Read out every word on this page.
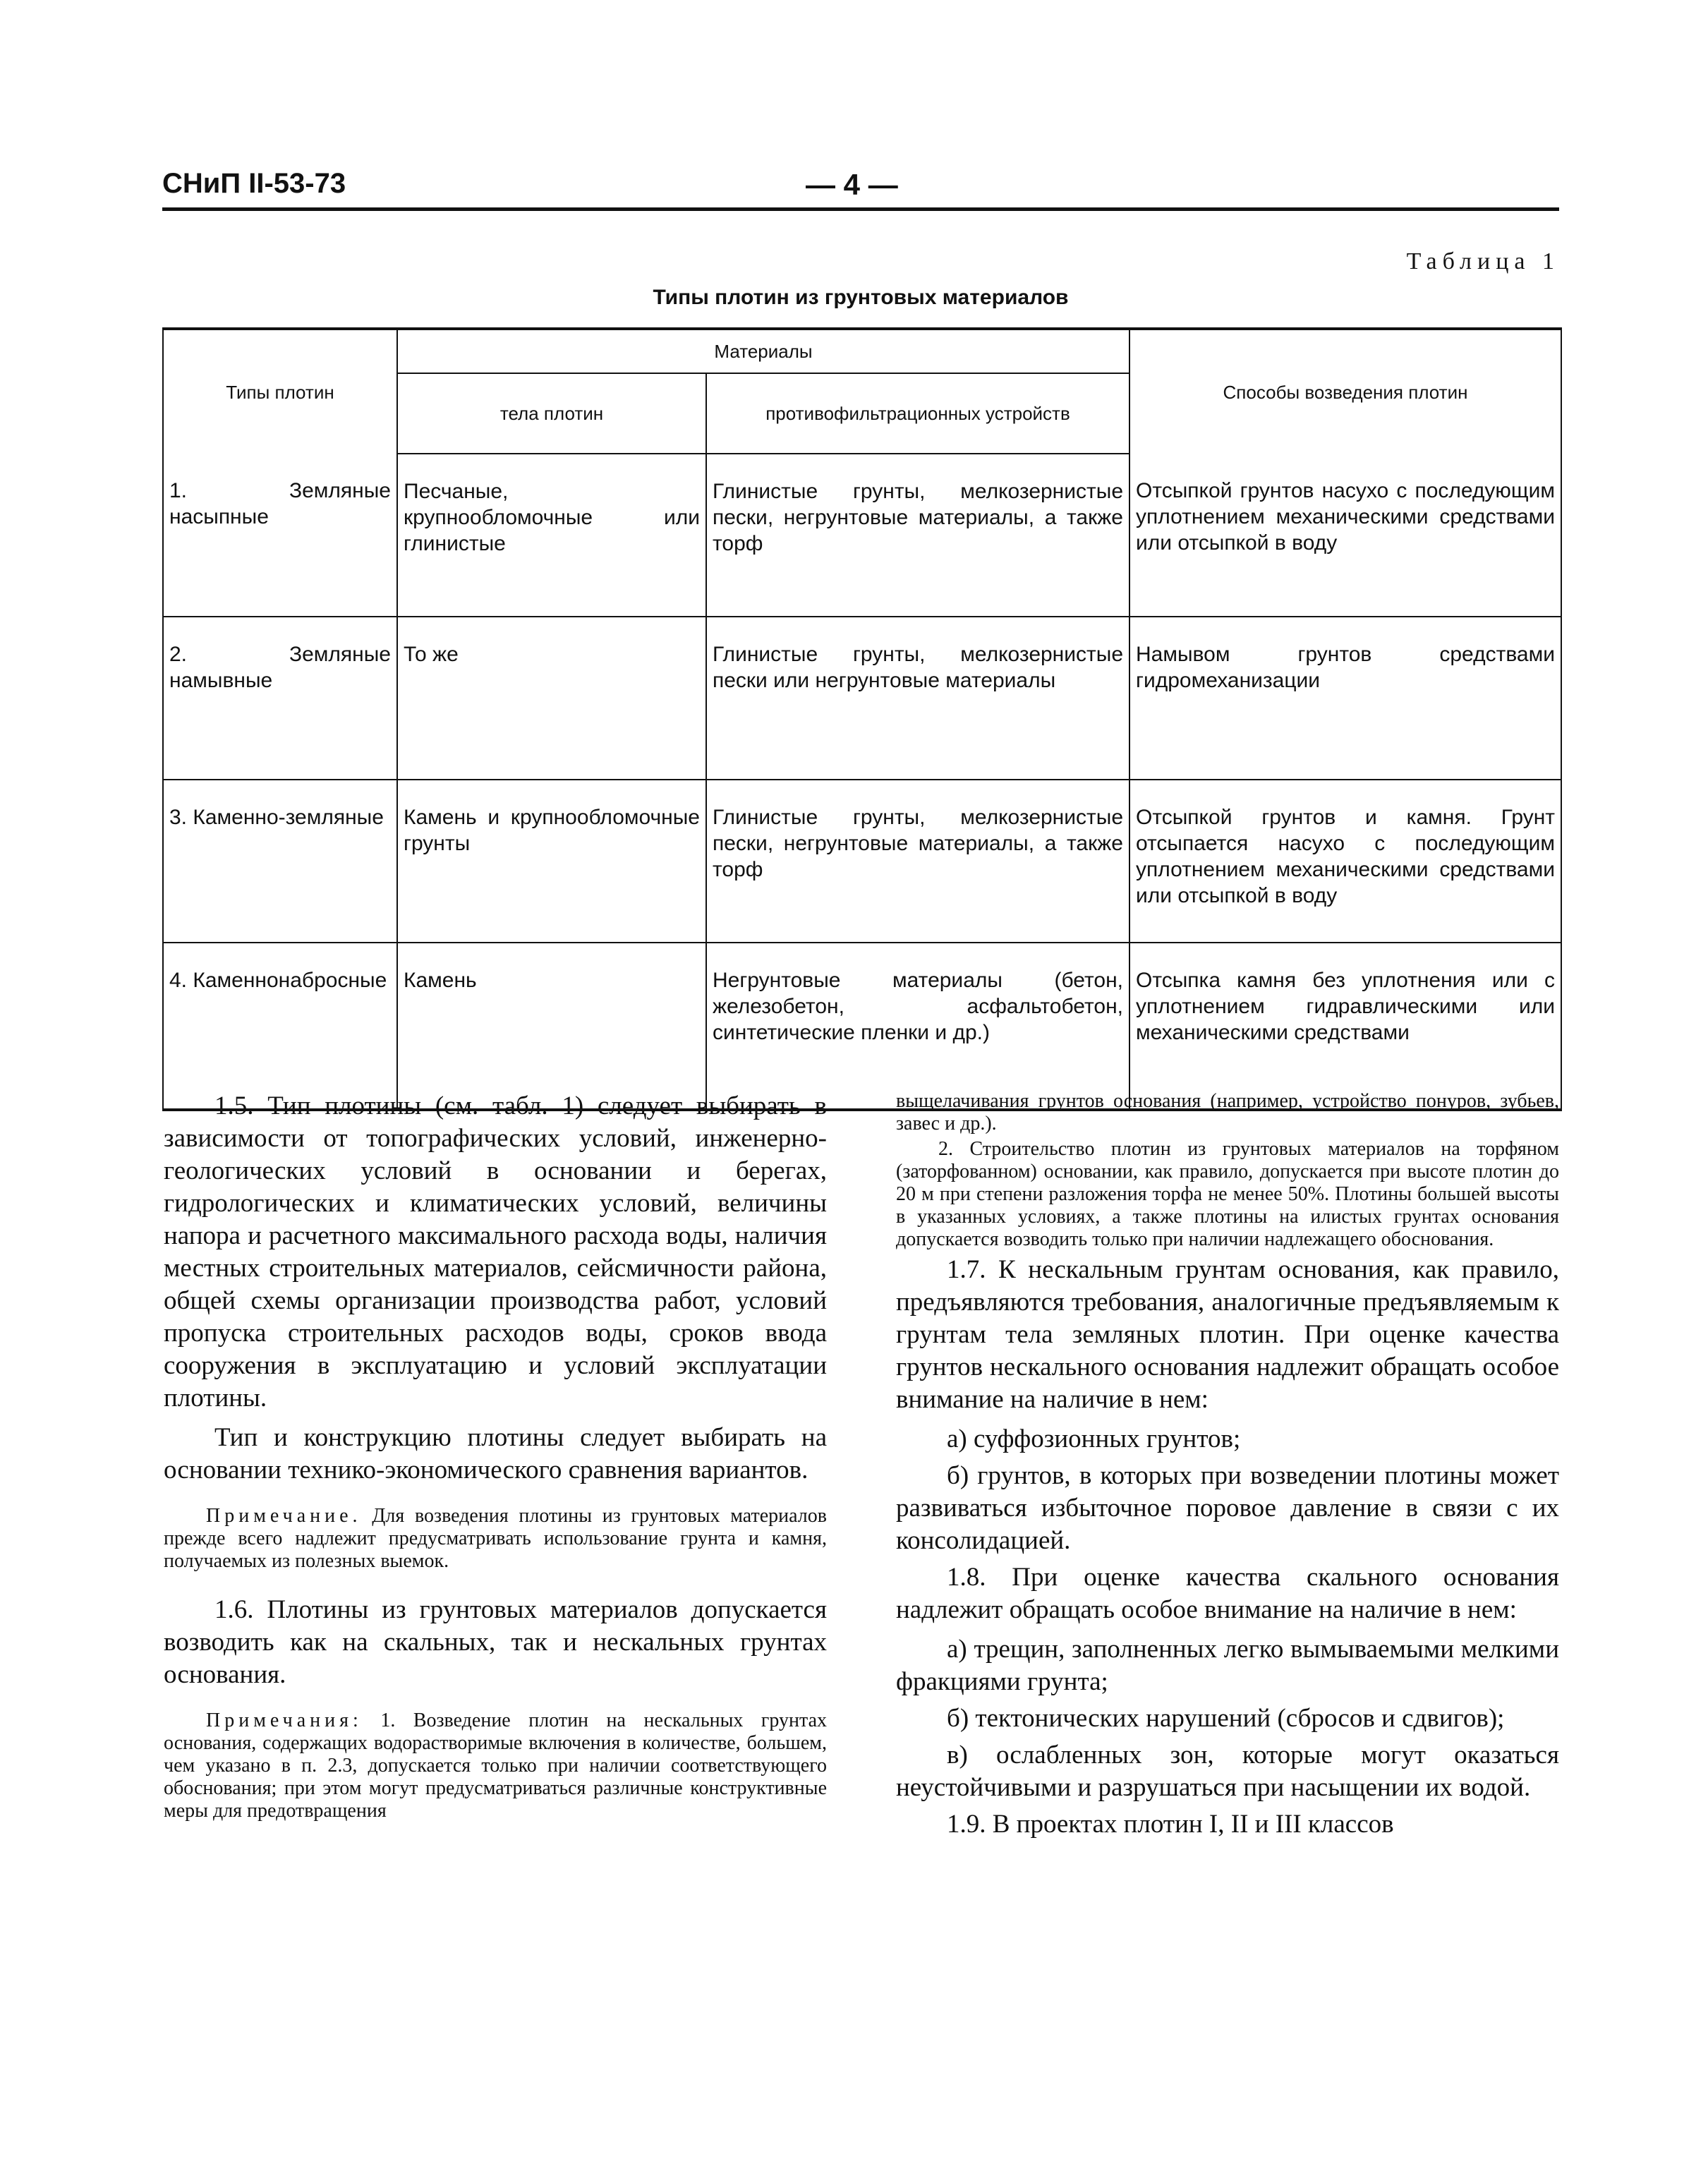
СНиП II-53-73	— 4 —
Таблица 1
Типы плотин из грунтовых материалов
Типы плотин	Материалы		Способы возведения плотин
	тела плотин	противофильтрационных устройств	
1. Земляные насыпные	Песчаные, крупнообломочные или глинистые	Глинистые грунты, мелкозернистые пески, негрунтовые материалы, а также торф	Отсыпкой грунтов насухо с последующим уплотнением механическими средствами или отсыпкой в воду
2. Земляные намывные	То же	Глинистые грунты, мелкозернистые пески или негрунтовые материалы	Намывом грунтов средствами гидромеханизации
3. Каменно-земляные	Камень и крупнообломочные грунты	Глинистые грунты, мелкозернистые пески, негрунтовые материалы, а также торф	Отсыпкой грунтов и камня. Грунт отсыпается насухо с последующим уплотнением механическими средствами или отсыпкой в воду
4. Каменнонабросные	Камень	Негрунтовые материалы (бетон, железобетон, асфальтобетон, синтетические пленки и др.)	Отсыпка камня без уплотнения или с уплотнением гидравлическими или механическими средствами

1.5. Тип плотины (см. табл. 1) следует выбирать в зависимости от топографических условий, инженерно-геологических условий в основании и берегах, гидрологических и климатических условий, величины напора и расчетного максимального расхода воды, наличия местных строительных материалов, сейсмичности района, общей схемы организации производства работ, условий пропуска строительных расходов воды, сроков ввода сооружения в эксплуатацию и условий эксплуатации плотины.

Тип и конструкцию плотины следует выбирать на основании технико-экономического сравнения вариантов.

Примечание. Для возведения плотины из грунтовых материалов прежде всего надлежит предусматривать использование грунта и камня, получаемых из полезных выемок.

1.6. Плотины из грунтовых материалов допускается возводить как на скальных, так и нескальных грунтах основания.

Примечания: 1. Возведение плотин на нескальных грунтах основания, содержащих водорастворимые включения в количестве, большем, чем указано в п. 2.3, допускается только при наличии соответствующего обоснования; при этом могут предусматриваться различные конструктивные меры для предотвращения

выщелачивания грунтов основания (например, устройство понуров, зубьев, завес и др.).

2. Строительство плотин из грунтовых материалов на торфяном (заторфованном) основании, как правило, допускается при высоте плотин до 20 м при степени разложения торфа не менее 50%. Плотины большей высоты в указанных условиях, а также плотины на илистых грунтах основания допускается возводить только при наличии надлежащего обоснования.

1.7. К нескальным грунтам основания, как правило, предъявляются требования, аналогичные предъявляемым к грунтам тела земляных плотин. При оценке качества грунтов нескального основания надлежит обращать особое внимание на наличие в нем:

а) суффозионных грунтов;

б) грунтов, в которых при возведении плотины может развиваться избыточное поровое давление в связи с их консолидацией.

1.8. При оценке качества скального основания надлежит обращать особое внимание на наличие в нем:

а) трещин, заполненных легко вымываемыми мелкими фракциями грунта;

б) тектонических нарушений (сбросов и сдвигов);

в) ослабленных зон, которые могут оказаться неустойчивыми и разрушаться при насыщении их водой.

1.9. В проектах плотин I, II и III классов
